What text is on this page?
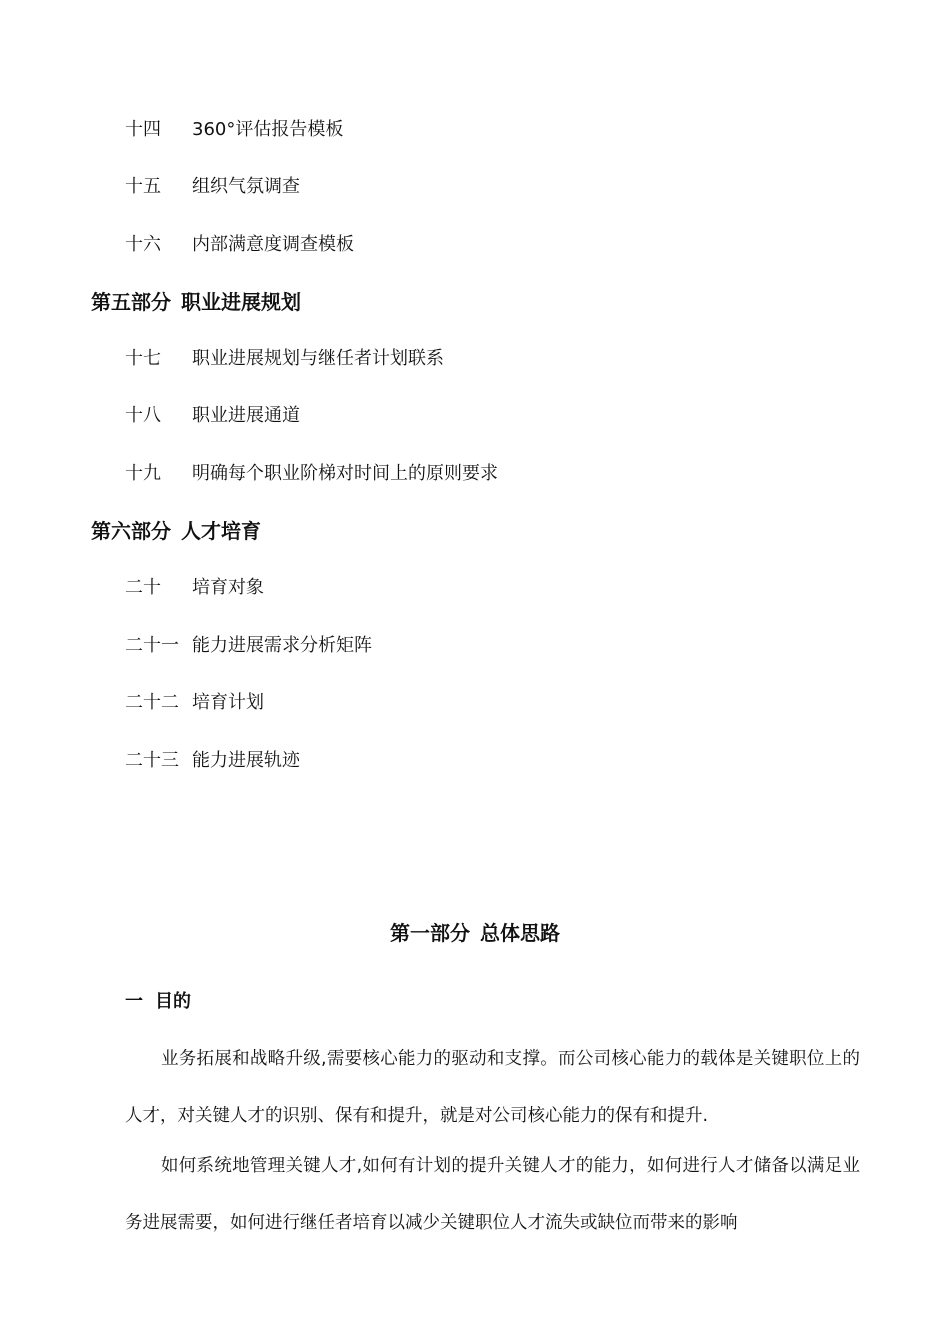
十四 360°评估报告模板
十五 组织气氛调查
十六 内部满意度调查模板
第五部分 职业进展规划
十七 职业进展规划与继任者计划联系
十八 职业进展通道
十九 明确每个职业阶梯对时间上的原则要求
第六部分 人才培育
二十 培育对象
二十一 能力进展需求分析矩阵
二十二 培育计划
二十三 能力进展轨迹
第一部分 总体思路
一 目的

业务拓展和战略升级,需要核心能力的驱动和支撑。而公司核心能力的载体是关键职位上的人才，对关键人才的识别、保有和提升，就是对公司核心能力的保有和提升.

如何系统地管理关键人才,如何有计划的提升关键人才的能力，如何进行人才储备以满足业务进展需要，如何进行继任者培育以减少关键职位人才流失或缺位而带来的影响
